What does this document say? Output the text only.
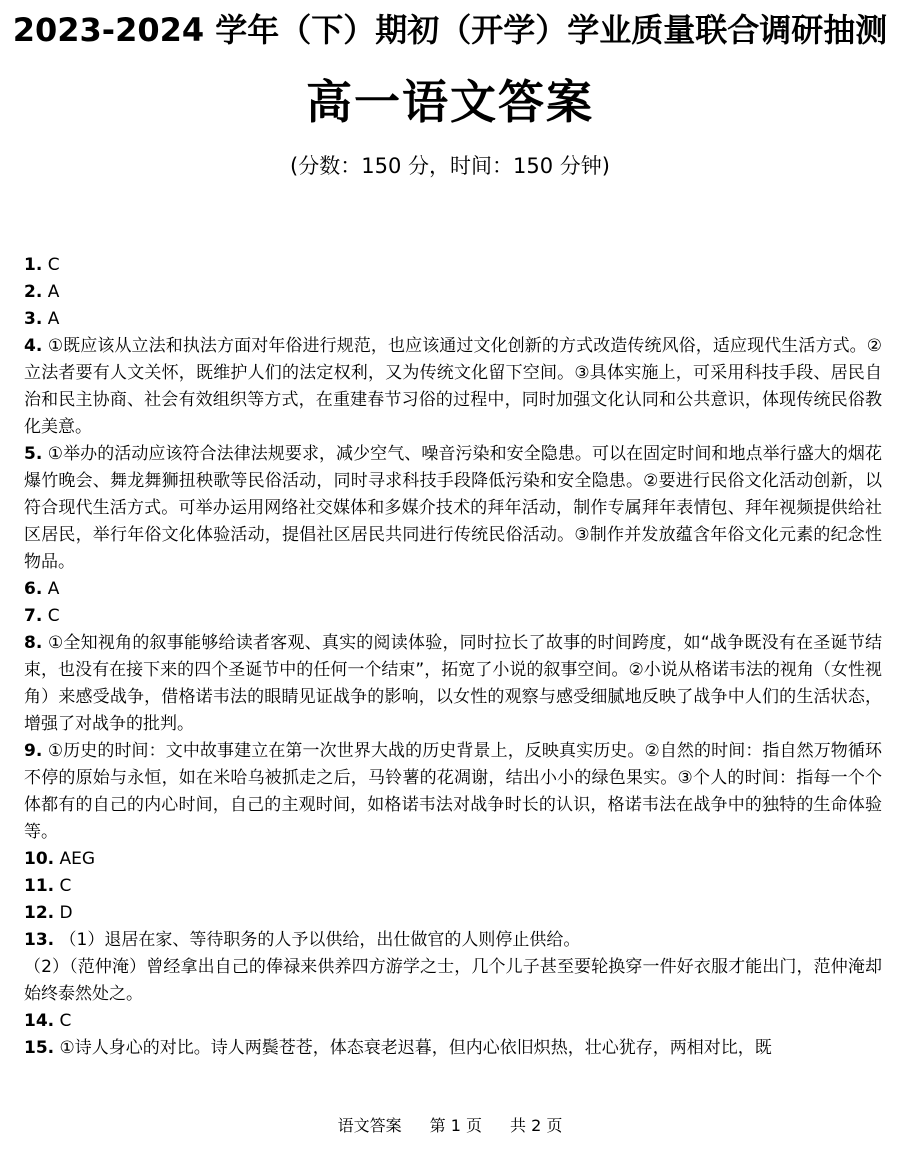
2023-2024 学年（下）期初（开学）学业质量联合调研抽测
高一语文答案
(分数：150 分，时间：150 分钟)
1. C
2. A
3. A
4. ①既应该从立法和执法方面对年俗进行规范，也应该通过文化创新的方式改造传统风俗，适应现代生活方式。②立法者要有人文关怀，既维护人们的法定权利，又为传统文化留下空间。③具体实施上，可采用科技手段、居民自治和民主协商、社会有效组织等方式，在重建春节习俗的过程中，同时加强文化认同和公共意识，体现传统民俗教化美意。
5. ①举办的活动应该符合法律法规要求，减少空气、噪音污染和安全隐患。可以在固定时间和地点举行盛大的烟花爆竹晚会、舞龙舞狮扭秧歌等民俗活动，同时寻求科技手段降低污染和安全隐患。②要进行民俗文化活动创新，以符合现代生活方式。可举办运用网络社交媒体和多媒介技术的拜年活动，制作专属拜年表情包、拜年视频提供给社区居民，举行年俗文化体验活动，提倡社区居民共同进行传统民俗活动。③制作并发放蕴含年俗文化元素的纪念性物品。
6. A
7. C
8. ①全知视角的叙事能够给读者客观、真实的阅读体验，同时拉长了故事的时间跨度，如“战争既没有在圣诞节结束，也没有在接下来的四个圣诞节中的任何一个结束”，拓宽了小说的叙事空间。②小说从格诺韦法的视角（女性视角）来感受战争，借格诺韦法的眼睛见证战争的影响，以女性的观察与感受细腻地反映了战争中人们的生活状态，增强了对战争的批判。
9. ①历史的时间：文中故事建立在第一次世界大战的历史背景上，反映真实历史。②自然的时间：指自然万物循环不停的原始与永恒，如在米哈乌被抓走之后，马铃薯的花凋谢，结出小小的绿色果实。③个人的时间：指每一个个体都有的自己的内心时间，自己的主观时间，如格诺韦法对战争时长的认识，格诺韦法在战争中的独特的生命体验等。
10. AEG
11. C
12. D
13. （1）退居在家、等待职务的人予以供给，出仕做官的人则停止供给。
（2）（范仲淹）曾经拿出自己的俸禄来供养四方游学之士，几个儿子甚至要轮换穿一件好衣服才能出门，范仲淹却始终泰然处之。
14. C
15. ①诗人身心的对比。诗人两鬓苍苍，体态衰老迟暮，但内心依旧炽热，壮心犹存，两相对比，既
语文答案 第 1 页 共 2 页
